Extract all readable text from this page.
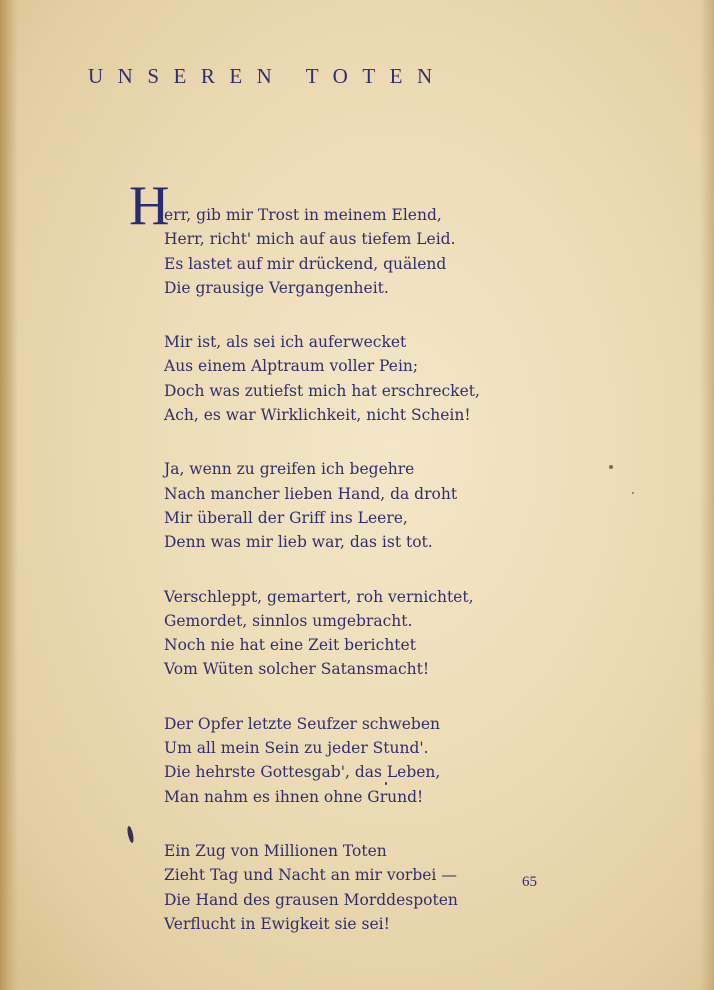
UNSEREN TOTEN
H
err, gib mir Trost in meinem Elend,
Herr, richt' mich auf aus tiefem Leid.
Es lastet auf mir drückend, quälend
Die grausige Vergangenheit.
Mir ist, als sei ich auferwecket
Aus einem Alptraum voller Pein;
Doch was zutiefst mich hat erschrecket,
Ach, es war Wirklichkeit, nicht Schein!
Ja, wenn zu greifen ich begehre
Nach mancher lieben Hand, da droht
Mir überall der Griff ins Leere,
Denn was mir lieb war, das ist tot.
Verschleppt, gemartert, roh vernichtet,
Gemordet, sinnlos umgebracht.
Noch nie hat eine Zeit berichtet
Vom Wüten solcher Satansmacht!
Der Opfer letzte Seufzer schweben
Um all mein Sein zu jeder Stund'.
Die hehrste Gottesgab', das Leben,
Man nahm es ihnen ohne Grund!
Ein Zug von Millionen Toten
Zieht Tag und Nacht an mir vorbei —
Die Hand des grausen Morddespoten
Verflucht in Ewigkeit sie sei!
65
